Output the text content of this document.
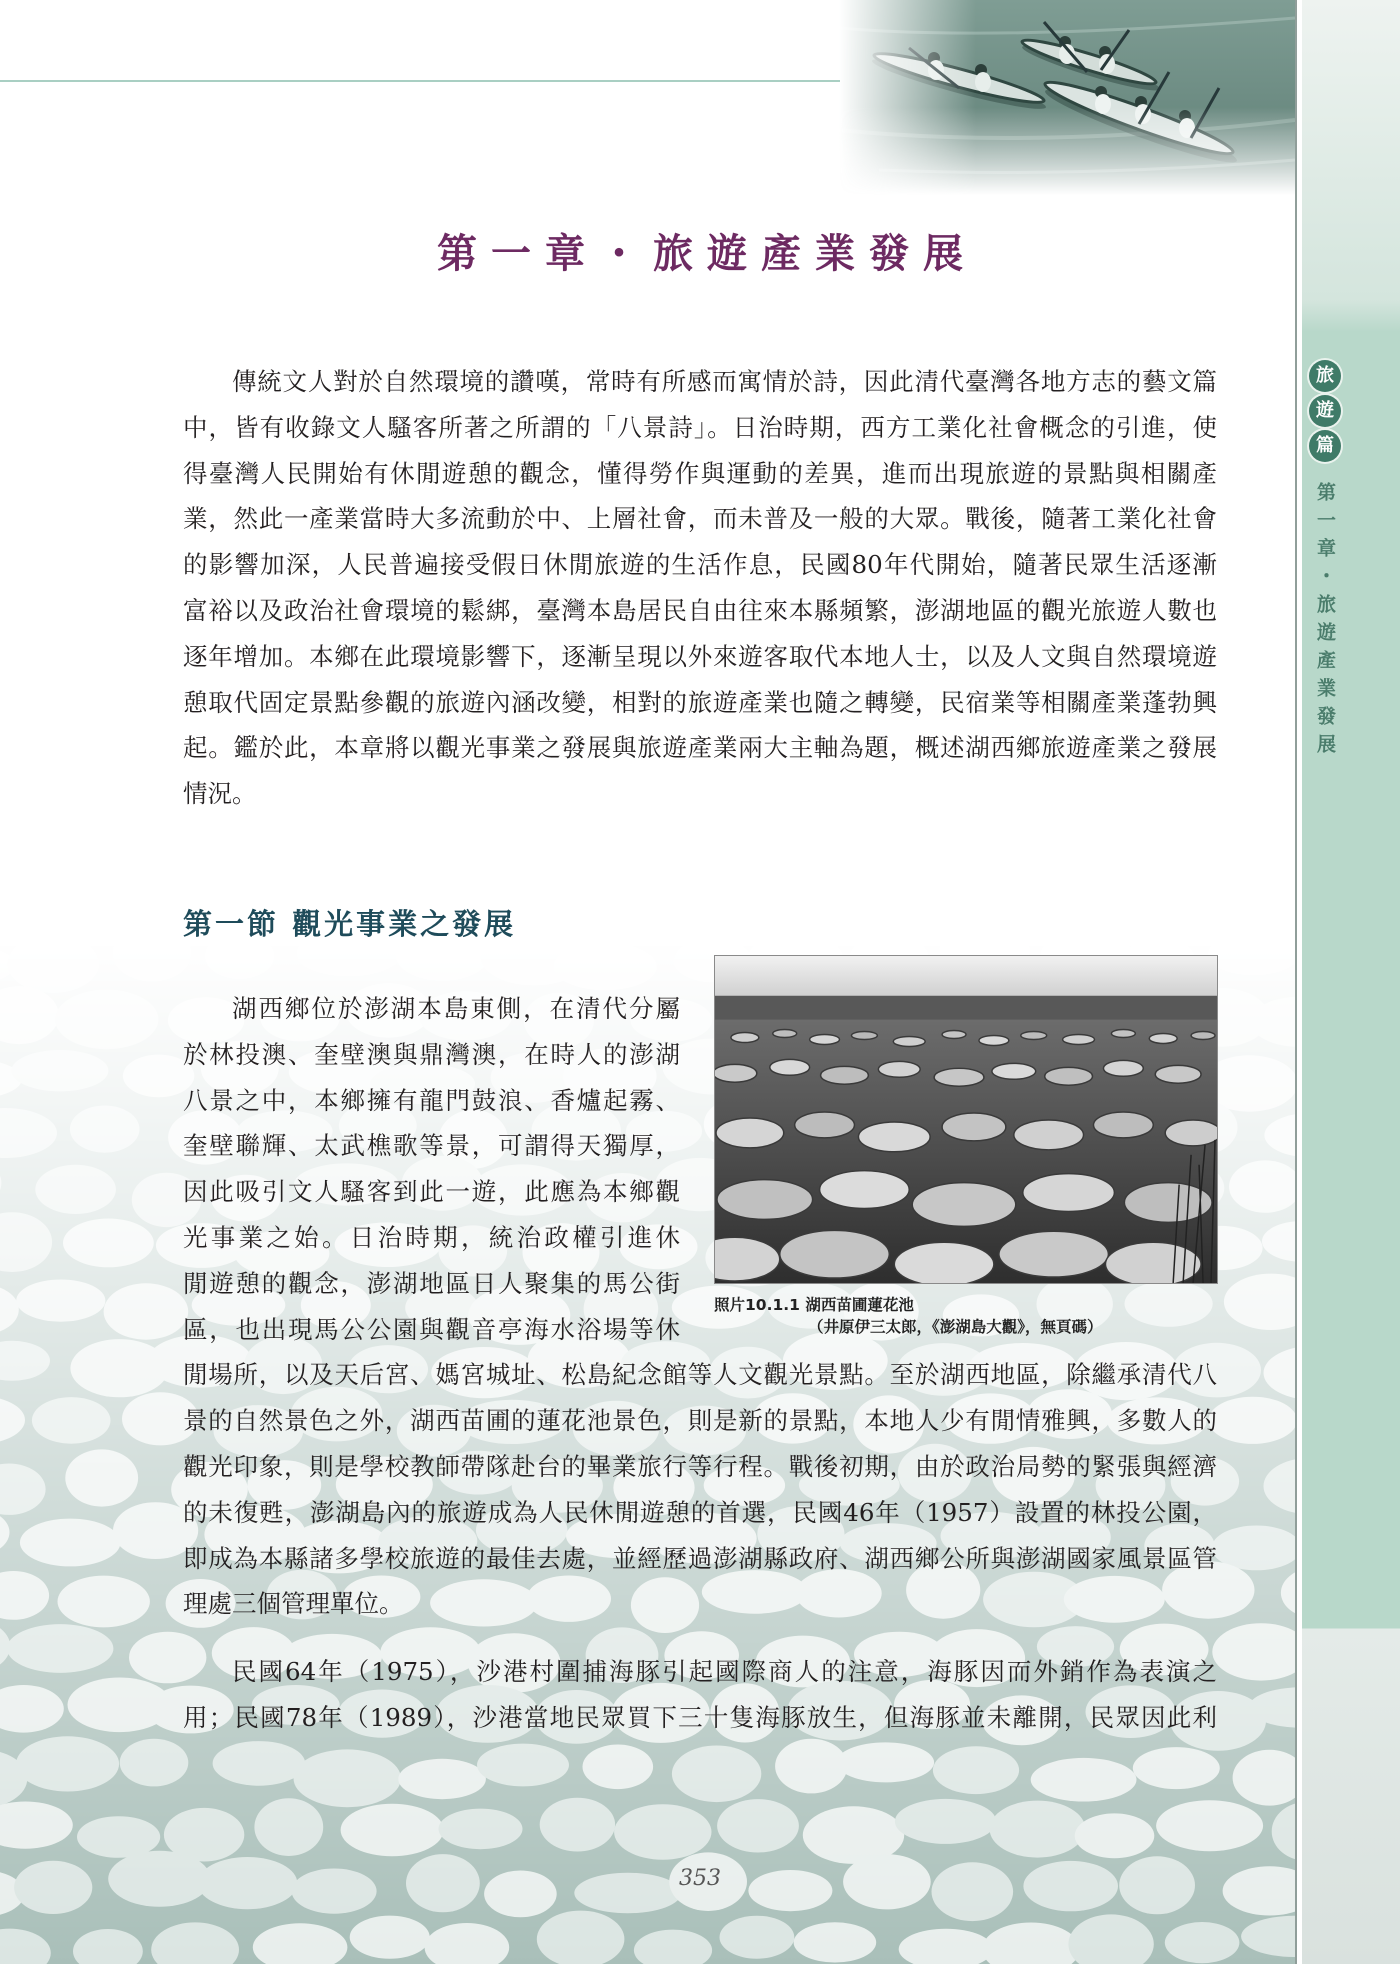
旅
遊
篇
第一章・旅遊產業發展
第一章・旅遊產業發展
傳統文人對於自然環境的讚嘆，常時有所感而寓情於詩，因此清代臺灣各地方志的藝文篇
中，皆有收錄文人騷客所著之所謂的「八景詩」。日治時期，西方工業化社會概念的引進，使
得臺灣人民開始有休閒遊憩的觀念，懂得勞作與運動的差異，進而出現旅遊的景點與相關產
業，然此一產業當時大多流動於中、上層社會，而未普及一般的大眾。戰後，隨著工業化社會
的影響加深，人民普遍接受假日休閒旅遊的生活作息，民國80年代開始，隨著民眾生活逐漸
富裕以及政治社會環境的鬆綁，臺灣本島居民自由往來本縣頻繁，澎湖地區的觀光旅遊人數也
逐年增加。本鄉在此環境影響下，逐漸呈現以外來遊客取代本地人士，以及人文與自然環境遊
憩取代固定景點參觀的旅遊內涵改變，相對的旅遊產業也隨之轉變，民宿業等相關產業蓬勃興
起。鑑於此，本章將以觀光事業之發展與旅遊產業兩大主軸為題，概述湖西鄉旅遊產業之發展
情況。
第一節 觀光事業之發展
湖西鄉位於澎湖本島東側，在清代分屬
於林投澳、奎壁澳與鼎灣澳，在時人的澎湖
八景之中，本鄉擁有龍門鼓浪、香爐起霧、
奎壁聯輝、太武樵歌等景，可謂得天獨厚，
因此吸引文人騷客到此一遊，此應為本鄉觀
光事業之始。日治時期，統治政權引進休
閒遊憩的觀念，澎湖地區日人聚集的馬公街
區，也出現馬公公園與觀音亭海水浴場等休
閒場所，以及天后宮、媽宮城址、松島紀念館等人文觀光景點。至於湖西地區，除繼承清代八
景的自然景色之外，湖西苗圃的蓮花池景色，則是新的景點，本地人少有閒情雅興，多數人的
觀光印象，則是學校教師帶隊赴台的畢業旅行等行程。戰後初期，由於政治局勢的緊張與經濟
的未復甦，澎湖島內的旅遊成為人民休閒遊憩的首選，民國46年（1957）設置的林投公園，
即成為本縣諸多學校旅遊的最佳去處，並經歷過澎湖縣政府、湖西鄉公所與澎湖國家風景區管
理處三個管理單位。
照片10.1.1 湖西苗圃蓮花池
（井原伊三太郎，《澎湖島大觀》，無頁碼）
民國64年（1975），沙港村圍捕海豚引起國際商人的注意，海豚因而外銷作為表演之
用；民國78年（1989），沙港當地民眾買下三十隻海豚放生，但海豚並未離開，民眾因此利
353
